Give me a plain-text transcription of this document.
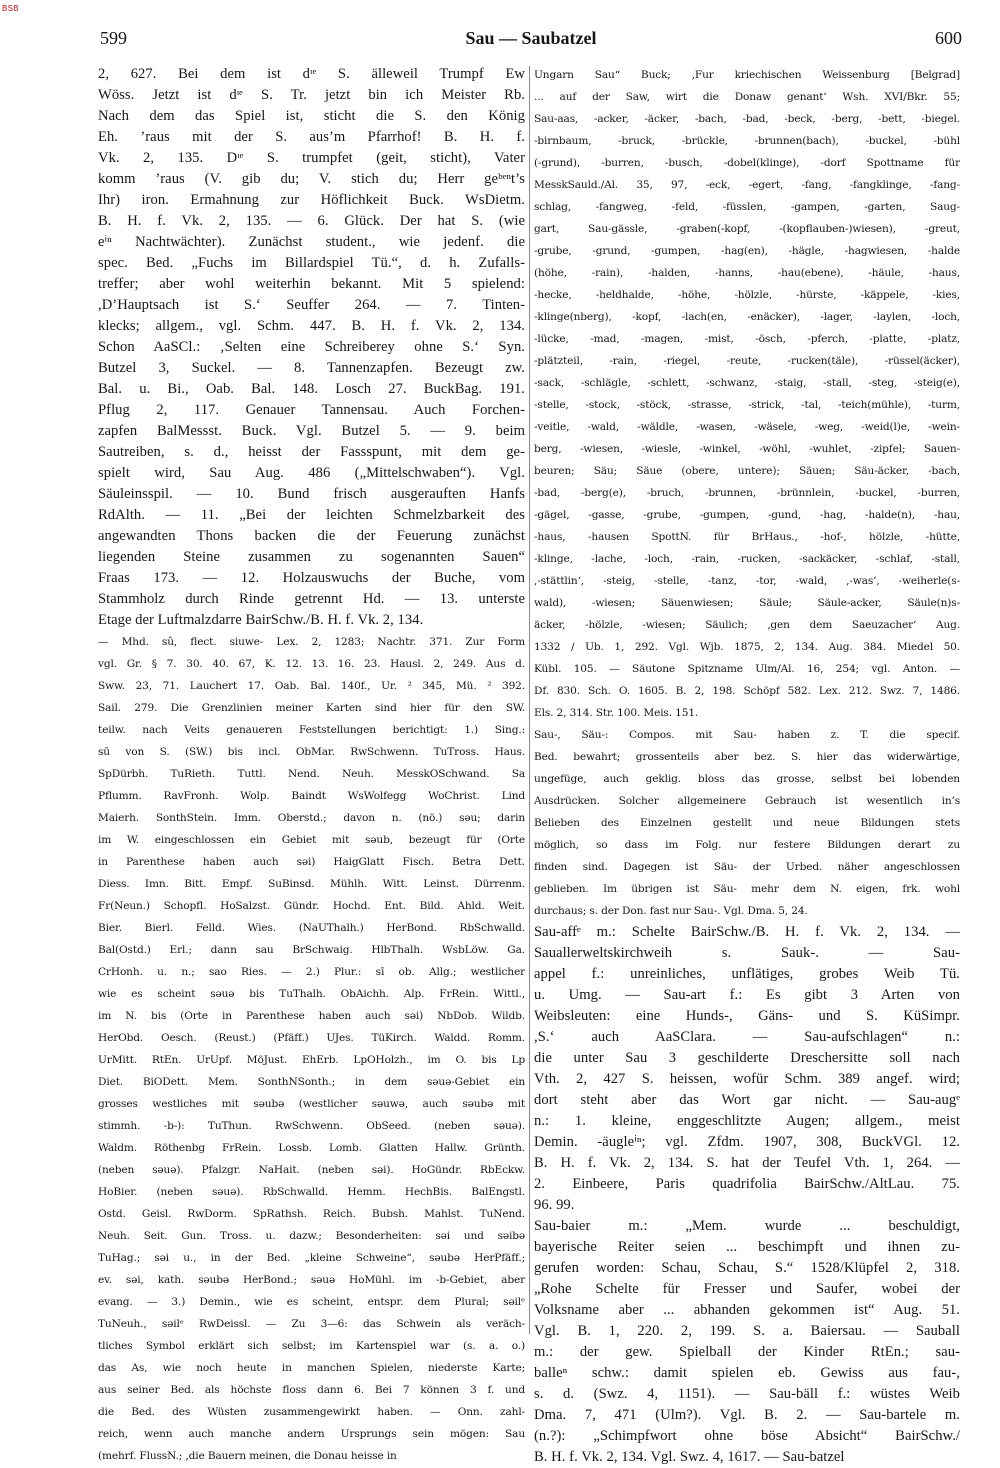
BSB
599	Sau — Saubatzel	600
2, 627. Bei dem ist dᶦᵉ S. älleweil Trumpf Ew
Wöss. Jetzt ist dᶦᵉ S. Tr. jetzt bin ich Meister Rb.
Nach dem das Spiel ist, sticht die S. den König
Eh. ’raus mit der S. aus’m Pfarrhof! B. H. f.
Vk. 2, 135. Dᶦᵉ S. trumpfet (geit, sticht), Vater
komm ’raus (V. gib du; V. stich du; Herr geᵇᵉⁿt’s
Ihr) iron. Ermahnung zur Höflichkeit Buck. WsDietm.
B. H. f. Vk. 2, 135. — 6. Glück. Der hat S. (wie
eⁱⁿ Nachtwächter). Zunächst student., wie jedenf. die
spec. Bed. „Fuchs im Billardspiel Tü.“, d. h. Zufalls-
treffer; aber wohl weiterhin bekannt. Mit 5 spielend:
,D’Hauptsach ist S.‘ Seuffer 264. — 7. Tinten-
klecks; allgem., vgl. Schm. 447. B. H. f. Vk. 2, 134.
Schon AaSCl.: ‚Selten eine Schreiberey ohne S.‘ Syn.
Butzel 3, Suckel. — 8. Tannenzapfen. Bezeugt zw.
Bal. u. Bi., Oab. Bal. 148. Losch 27. BuckBag. 191.
Pflug 2, 117. Genauer Tannensau. Auch Forchen-
zapfen BalMessst. Buck. Vgl. Butzel 5. — 9. beim
Sautreiben, s. d., heisst der Fassspunt, mit dem ge-
spielt wird, Sau Aug. 486 („Mittelschwaben“). Vgl.
Säuleinsspil. — 10. Bund frisch ausgerauften Hanfs
RdAlth. — 11. „Bei der leichten Schmelzbarkeit des
angewandten Thons backen die der Feuerung zunächst
liegenden Steine zusammen zu sogenannten Sauen“
Fraas 173. — 12. Holzauswuchs der Buche, vom
Stammholz durch Rinde getrennt Hd. — 13. unterste
Etage der Luftmalzdarre BairSchw./B. H. f. Vk. 2, 134.
— Mhd. sû, flect. siuwe- Lex. 2, 1283; Nachtr. 371. Zur Form
vgl. Gr. § 7. 30. 40. 67, K. 12. 13. 16. 23. Hausl. 2, 249. Aus d.
Sww. 23, 71. Lauchert 17. Oab. Bal. 140f., Ur. ² 345, Mü. ² 392.
Sail. 279. Die Grenzlinien meiner Karten sind hier für den SW.
teilw. nach Veits genaueren Feststellungen berichtigt: 1.) Sing.:
sū von S. (SW.) bis incl. ObMar. RwSchwenn. TuTross. Haus.
SpDürbh. TuRieth. Tuttl. Nend. Neuh. MesskOSchwand. Sa
Pflumm. RavFronh. Wolp. Baindt WsWolfegg WoChrist. Lind
Maierh. SonthStein. Imm. Oberstd.; davon n. (nö.) səu; darin
im W. eingeschlossen ein Gebiet mit səub, bezeugt für (Orte
in Parenthese haben auch səi) HaigGlatt Fisch. Betra Dett.
Diess. Imn. Bitt. Empf. SuBinsd. Mühlh. Witt. Leinst. Dürrenm.
Fr(Neun.) Schopfl. HoSalzst. Gündr. Hochd. Ent. Bild. Ahld. Weit.
Bier. Bierl. Felld. Wies. (NaUThalh.) HerBond. RbSchwalld.
Bal(Ostd.) Erl.; dann sau BrSchwaig. HlbThalh. WsbLöw. Ga.
CrHonh. u. n.; sao Ries. — 2.) Plur.: sī ob. Allg.; westlicher
wie es scheint səuə bis TuThalh. ObAichh. Alp. FrRein. Wittl.,
im N. bis (Orte in Parenthese haben auch səi) NbDob. Wildb.
HerObd. Oesch. (Reust.) (Pfäff.) UJes. TüKirch. Waldd. Romm.
UrMitt. RtEn. UrUpf. MöJust. EhErb. LpOHolzh., im O. bis Lp
Diet. BiODett. Mem. SonthNSonth.; in dem səuə-Gebiet ein
grosses westliches mit səubə (westlicher səuwə, auch səubə mit
stimmh. -b-): TuThun. RwSchwenn. ObSeed. (neben səuə).
Waldm. Röthenbg FrRein. Lossb. Lomb. Glatten Hallw. Grünth.
(neben səuə). Pfalzgr. NaHait. (neben səi). HoGündr. RbEckw.
HoBier. (neben səuə). RbSchwalld. Hemm. HechBis. BalEngstl.
Ostd. Geisl. RwDorm. SpRathsh. Reich. Bubsh. Mahlst. TuNend.
Neuh. Seit. Gun. Tross. u. dazw.; Besonderheiten: səi und səibə
TuHag.; səi u., in der Bed. „kleine Schweine“, səubə HerPfäff.;
ev. səi, kath. səubə HerBond.; səuə HoMühl. im -b-Gebiet, aber
evang. — 3.) Demin., wie es scheint, entspr. dem Plural; səilᵉ
TuNeuh., səilᵉ RwDeissl. — Zu 3—6: das Schwein als veräch-
tliches Symbol erklärt sich selbst; im Kartenspiel war (s. a. o.)
das As, wie noch heute in manchen Spielen, niederste Karte;
aus seiner Bed. als höchste floss dann 6. Bei 7 können 3 f. und
die Bed. des Wüsten zusammengewirkt haben. — Onn. zahl-
reich, wenn auch manche andern Ursprungs sein mögen: Sau
(mehrf. FlussN.; ‚die Bauern meinen, die Donau heisse in
Ungarn Sau“ Buck; ‚Fur kriechischen Weissenburg [Belgrad]
... auf der Saw, wirt die Donaw genant‘ Wsh. XVI/Bkr. 55;
Sau-aas, -acker, -äcker, -bach, -bad, -beck, -berg, -bett, -biegel.
-birnbaum, -bruck, -brückle, -brunnen(bach), -buckel, -bühl
(-grund), -burren, -busch, -dobel(klinge), -dorf Spottname für
MesskSauld./Al. 35, 97, -eck, -egert, -fang, -fangklinge, -fang-
schlag, -fangweg, -feld, -füsslen, -gampen, -garten, Saug-
gart, Sau-gässle, -graben(-kopf, -(kopflauben-)wiesen), -greut,
-grube, -grund, -gumpen, -hag(en), -hägle, -hagwiesen, -halde
(höhe, -rain), -halden, -hanns, -hau(ebene), -häule, -haus,
-hecke, -heldhalde, -höhe, -hölzle, -hürste, -käppele, -kies,
-klinge(nberg), -kopf, -lach(en, -enäcker), -lager, -laylen, -loch,
-lücke, -mad, -magen, -mist, -ösch, -pferch, -platte, -platz,
-plätzteil, -rain, -riegel, -reute, -rucken(täle), -rüssel(äcker),
-sack, -schlägle, -schlett, -schwanz, -staig, -stall, -steg, -steig(e),
-stelle, -stock, -stöck, -strasse, -strick, -tal, -teich(mühle), -turm,
-veitle, -wald, -wäldle, -wasen, -wäsele, -weg, -weid(l)e, -wein-
berg, -wiesen, -wiesle, -winkel, -wöhl, -wuhlet, -zipfel; Sauen-
beuren; Säu; Säue (obere, untere); Säuen; Säu-äcker, -bach,
-bad, -berg(e), -bruch, -brunnen, -brünnlein, -buckel, -burren,
-gägel, -gasse, -grube, -gumpen, -gund, -hag, -halde(n), -hau,
-haus, -hausen SpottN. für BrHaus., -hof-, hölzle, -hütte,
-klinge, -lache, -loch, -rain, -rucken, -sackäcker, -schlaf, -stall,
,-stättlin‘, -steig, -stelle, -tanz, -tor, -wald, ,-was‘, -weiherle(s-
wald), -wiesen; Säuenwiesen; Säule; Säule-acker, Säule(n)s-
äcker, -hölzle, -wiesen; Säulich; ‚gen dem Saeuzacher‘ Aug.
1332 / Ub. 1, 292. Vgl. Wjb. 1875, 2, 134. Aug. 384. Miedel 50.
Kübl. 105. — Säutone Spitzname Ulm/Al. 16, 254; vgl. Anton. —
Df. 830. Sch. O. 1605. B. 2, 198. Schöpf 582. Lex. 212. Swz. 7, 1486.
Els. 2, 314. Str. 100. Meis. 151.
Sau-, Säu-: Compos. mit Sau- haben z. T. die specif.
Bed. bewahrt; grossenteils aber bez. S. hier das widerwärtige,
ungefüge, auch geklig. bloss das grosse, selbst bei lobenden
Ausdrücken. Solcher allgemeinere Gebrauch ist wesentlich in’s
Belieben des Einzelnen gestellt und neue Bildungen stets
möglich, so dass im Folg. nur festere Bildungen derart zu
finden sind. Dagegen ist Säu- der Urbed. näher angeschlossen
geblieben. Im übrigen ist Säu- mehr dem N. eigen, frk. wohl
durchaus; s. der Don. fast nur Sau-. Vgl. Dma. 5, 24.
Sau-affᵉ m.: Schelte BairSchw./B. H. f. Vk. 2, 134. —
Sauallerweltskirchweih s. Sauk-. — Sau-
appel f.: unreinliches, unflätiges, grobes Weib Tü.
u. Umg. — Sau-art f.: Es gibt 3 Arten von
Weibsleuten: eine Hunds-, Gäns- und S. KüSimpr.
,S.‘ auch AaSClara. — Sau-aufschlagen“ n.:
die unter Sau 3 geschilderte Dreschersitte soll nach
Vth. 2, 427 S. heissen, wofür Schm. 389 angef. wird;
dort steht aber das Wort gar nicht. — Sau-augᵉ
n.: 1. kleine, enggeschlitzte Augen; allgem., meist
Demin. -äugleⁱⁿ; vgl. Zfdm. 1907, 308, BuckVGl. 12.
B. H. f. Vk. 2, 134. S. hat der Teufel Vth. 1, 264. —
2. Einbeere, Paris quadrifolia BairSchw./AltLau. 75.
96. 99.
Sau-baier m.: „Mem. wurde ... beschuldigt,
bayerische Reiter seien ... beschimpft und ihnen zu-
gerufen worden: Schau, Schau, S.“ 1528/Klüpfel 2, 318.
„Rohe Schelte für Fresser und Saufer, wobei der
Volksname aber ... abhanden gekommen ist“ Aug. 51.
Vgl. B. 1, 220. 2, 199. S. a. Baiersau. — Sauball
m.: der gew. Spielball der Kinder RtEn.; sau-
balleⁿ schw.: damit spielen eb. Gewiss aus fau-,
s. d. (Swz. 4, 1151). — Sau-bäll f.: wüstes Weib
Dma. 7, 471 (Ulm?). Vgl. B. 2. — Sau-bartele m.
(n.?): „Schimpfwort ohne böse Absicht“ BairSchw./
B. H. f. Vk. 2, 134. Vgl. Swz. 4, 1617. — Sau-batzel
